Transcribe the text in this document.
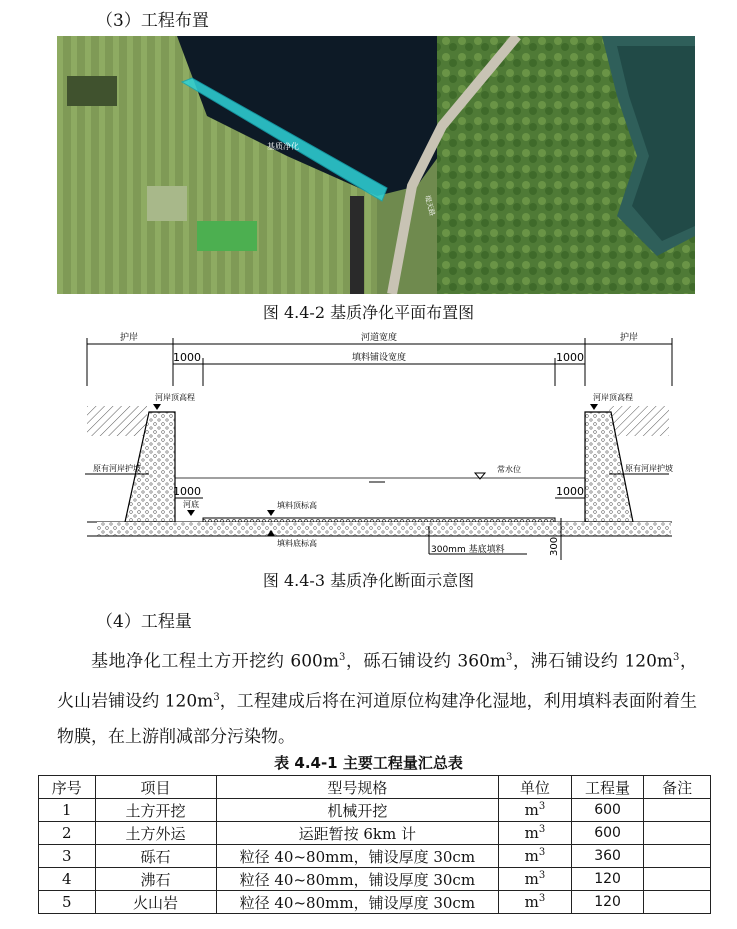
（3）工程布置
基质净化
堤天路
图 4.4-2 基质净化平面布置图
护岸	护岸
河道宽度
填料铺设宽度
1000	1000
河岸顶高程	河岸顶高程
原有河岸护坡	原有河岸护坡
常水位
1000	1000
河底	填料顶标高
填料底标高
300mm 基底填料	300
图 4.4-3 基质净化断面示意图
（4）工程量
基地净化工程土方开挖约 $600m^3$，砾石铺设约 $360m^3$，沸石铺设约 $120m^3$，火山岩铺设约 $120m^3$，工程建成后将在河道原位构建净化湿地，利用填料表面附着生物膜，在上游削减部分污染物。
表 4.4-1 主要工程量汇总表
序号	项目	型号规格	单位	工程量	备注
1	土方开挖	机械开挖	$m^3$	600	
2	土方外运	运距暂按 6km 计	$m^3$	600	
3	砾石	粒径 40~80mm，铺设厚度 30cm	$m^3$	360	
4	沸石	粒径 40~80mm，铺设厚度 30cm	$m^3$	120	
5	火山岩	粒径 40~80mm，铺设厚度 30cm	$m^3$	120	
